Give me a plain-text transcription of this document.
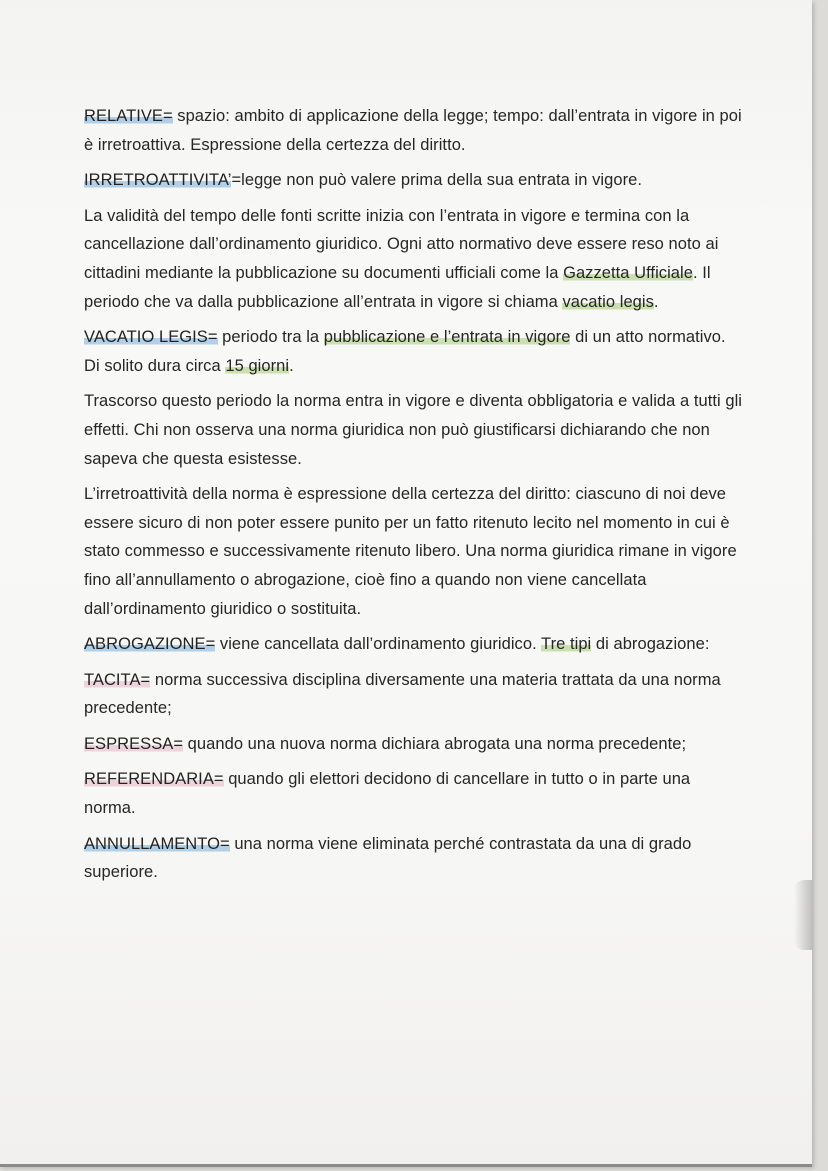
RELATIVE= spazio: ambito di applicazione della legge; tempo: dall’entrata in vigore in poi è irretroattiva. Espressione della certezza del diritto.

IRRETROATTIVITA’=legge non può valere prima della sua entrata in vigore.

La validità del tempo delle fonti scritte inizia con l’entrata in vigore e termina con la cancellazione dall’ordinamento giuridico. Ogni atto normativo deve essere reso noto ai cittadini mediante la pubblicazione su documenti ufficiali come la Gazzetta Ufficiale. Il periodo che va dalla pubblicazione all’entrata in vigore si chiama vacatio legis.

VACATIO LEGIS= periodo tra la pubblicazione e l’entrata in vigore di un atto normativo. Di solito dura circa 15 giorni.

Trascorso questo periodo la norma entra in vigore e diventa obbligatoria e valida a tutti gli effetti. Chi non osserva una norma giuridica non può giustificarsi dichiarando che non sapeva che questa esistesse.

L’irretroattività della norma è espressione della certezza del diritto: ciascuno di noi deve essere sicuro di non poter essere punito per un fatto ritenuto lecito nel momento in cui è stato commesso e successivamente ritenuto libero. Una norma giuridica rimane in vigore fino all’annullamento o abrogazione, cioè fino a quando non viene cancellata dall’ordinamento giuridico o sostituita.

ABROGAZIONE= viene cancellata dall’ordinamento giuridico. Tre tipi di abrogazione:

TACITA= norma successiva disciplina diversamente una materia trattata da una norma precedente;

ESPRESSA= quando una nuova norma dichiara abrogata una norma precedente;

REFERENDARIA= quando gli elettori decidono di cancellare in tutto o in parte una norma.

ANNULLAMENTO= una norma viene eliminata perché contrastata da una di grado superiore.
